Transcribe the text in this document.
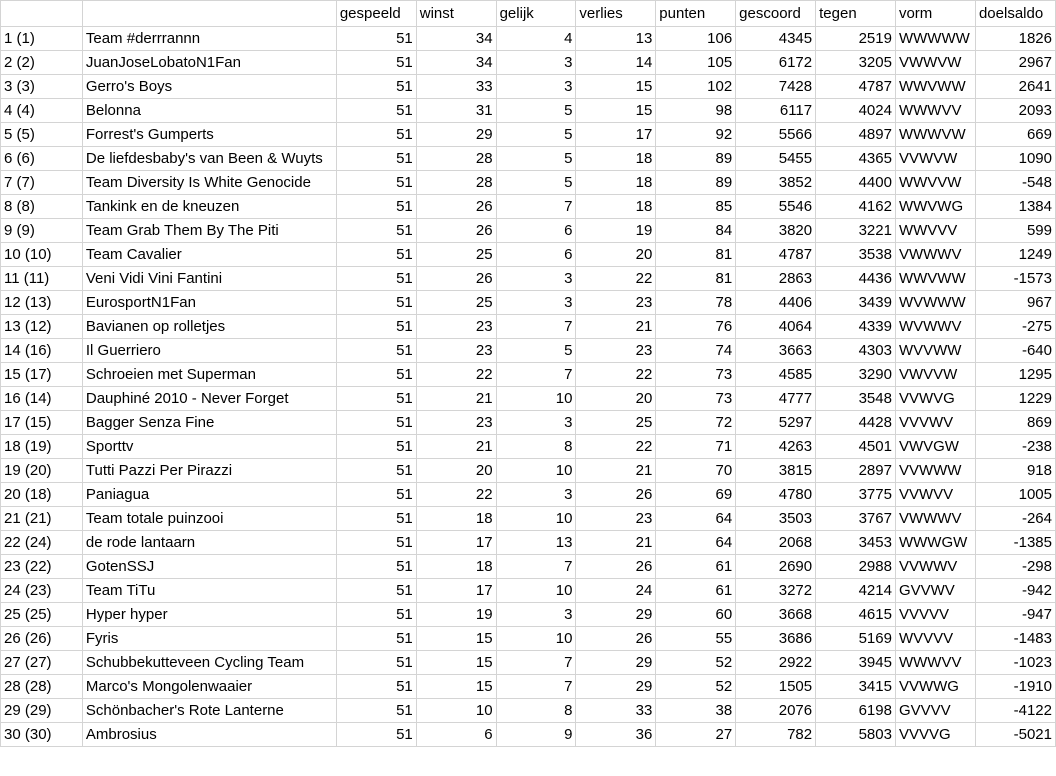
		gespeeld	winst	gelijk	verlies	punten	gescoord	tegen	vorm	doelsaldo
1 (1)	Team #derrrannn	51	34	4	13	106	4345	2519	WWWWW	1826
2 (2)	JuanJoseLobatoN1Fan	51	34	3	14	105	6172	3205	VWWVW	2967
3 (3)	Gerro's Boys	51	33	3	15	102	7428	4787	WWVWW	2641
4 (4)	Belonna	51	31	5	15	98	6117	4024	WWWVV	2093
5 (5)	Forrest's Gumperts	51	29	5	17	92	5566	4897	WWWVW	669
6 (6)	De liefdesbaby's van Been & Wuyts	51	28	5	18	89	5455	4365	VVWVW	1090
7 (7)	Team Diversity Is White Genocide	51	28	5	18	89	3852	4400	WWVVW	-548
8 (8)	Tankink en de kneuzen	51	26	7	18	85	5546	4162	WWVWG	1384
9 (9)	Team Grab Them By The Piti	51	26	6	19	84	3820	3221	WWVVV	599
10 (10)	Team Cavalier	51	25	6	20	81	4787	3538	VWWWV	1249
11 (11)	Veni Vidi Vini Fantini	51	26	3	22	81	2863	4436	WWVWW	-1573
12 (13)	EurosportN1Fan	51	25	3	23	78	4406	3439	WVWWW	967
13 (12)	Bavianen op rolletjes	51	23	7	21	76	4064	4339	WVWWV	-275
14 (16)	Il Guerriero	51	23	5	23	74	3663	4303	WVVWW	-640
15 (17)	Schroeien met Superman	51	22	7	22	73	4585	3290	VWVVW	1295
16 (14)	Dauphiné 2010 - Never Forget	51	21	10	20	73	4777	3548	VVWVG	1229
17 (15)	Bagger Senza Fine	51	23	3	25	72	5297	4428	VVVWV	869
18 (19)	Sporttv	51	21	8	22	71	4263	4501	VWVGW	-238
19 (20)	Tutti Pazzi Per Pirazzi	51	20	10	21	70	3815	2897	VVWWW	918
20 (18)	Paniagua	51	22	3	26	69	4780	3775	VVWVV	1005
21 (21)	Team totale puinzooi	51	18	10	23	64	3503	3767	VWWWV	-264
22 (24)	de rode lantaarn	51	17	13	21	64	2068	3453	WWWGW	-1385
23 (22)	GotenSSJ	51	18	7	26	61	2690	2988	VVWWV	-298
24 (23)	Team TiTu	51	17	10	24	61	3272	4214	GVVWV	-942
25 (25)	Hyper hyper	51	19	3	29	60	3668	4615	VVVVV	-947
26 (26)	Fyris	51	15	10	26	55	3686	5169	WVVVV	-1483
27 (27)	Schubbekutteveen Cycling Team	51	15	7	29	52	2922	3945	WWWVV	-1023
28 (28)	Marco's Mongolenwaaier	51	15	7	29	52	1505	3415	VVWWG	-1910
29 (29)	Schönbacher's Rote Lanterne	51	10	8	33	38	2076	6198	GVVVV	-4122
30 (30)	Ambrosius	51	6	9	36	27	782	5803	VVVVG	-5021
